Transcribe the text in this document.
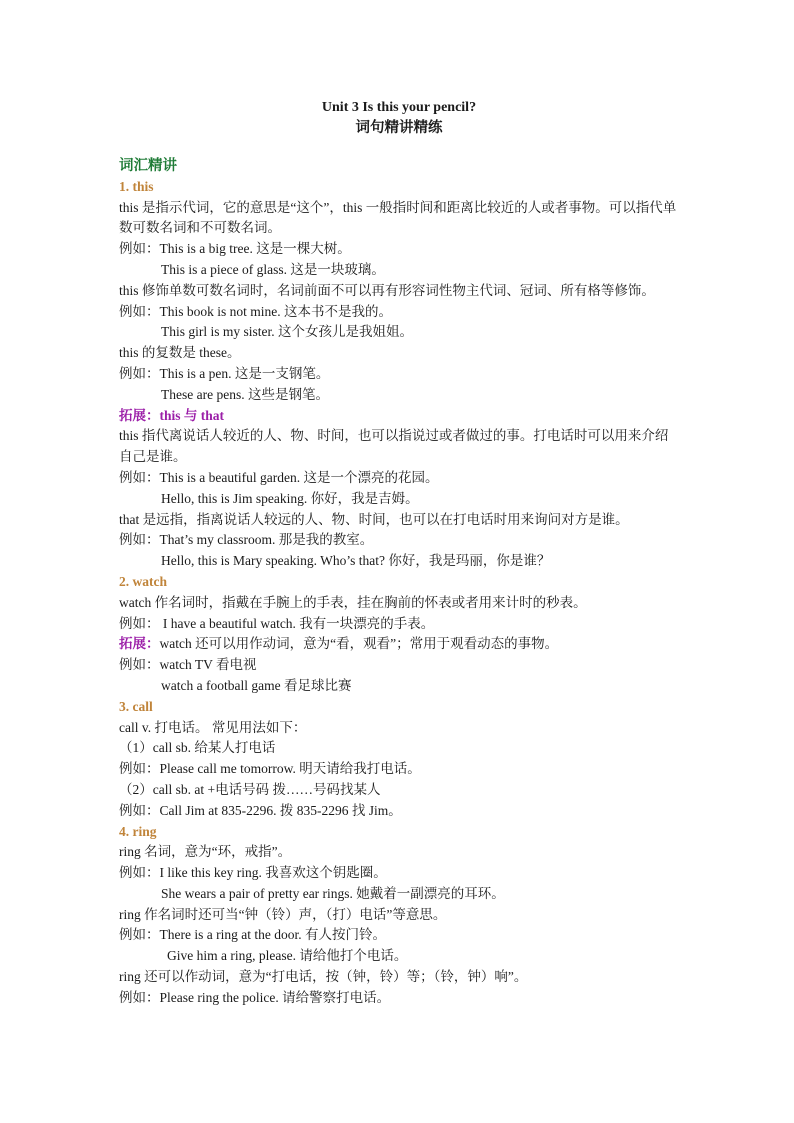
Unit 3 Is this your pencil?
词句精讲精练
词汇精讲
1. this
this 是指示代词，它的意思是“这个”，this 一般指时间和距离比较近的人或者事物。可以指代单数可数名词和不可数名词。
例如：This is a big tree. 这是一棵大树。
This is a piece of glass. 这是一块玻璃。
this 修饰单数可数名词时，名词前面不可以再有形容词性物主代词、冠词、所有格等修饰。
例如：This book is not mine. 这本书不是我的。
This girl is my sister. 这个女孩儿是我姐姐。
this 的复数是 these。
例如：This is a pen. 这是一支钢笔。
These are pens. 这些是钢笔。
拓展：this 与 that
this 指代离说话人较近的人、物、时间，也可以指说过或者做过的事。打电话时可以用来介绍自己是谁。
例如：This is a beautiful garden. 这是一个漂亮的花园。
Hello, this is Jim speaking. 你好，我是吉姆。
that 是远指，指离说话人较远的人、物、时间，也可以在打电话时用来询问对方是谁。
例如：That’s my classroom. 那是我的教室。
Hello, this is Mary speaking. Who’s that? 你好，我是玛丽，你是谁？
2. watch
watch 作名词时，指戴在手腕上的手表，挂在胸前的怀表或者用来计时的秒表。
例如： I have a beautiful watch. 我有一块漂亮的手表。
拓展：watch 还可以用作动词，意为“看，观看”；常用于观看动态的事物。
例如：watch TV 看电视
watch a football game 看足球比赛
3. call
call v. 打电话。 常见用法如下：
（1）call sb. 给某人打电话
例如：Please call me tomorrow. 明天请给我打电话。
（2）call sb. at +电话号码 拨……号码找某人
例如：Call Jim at 835-2296. 拨 835-2296 找 Jim。
4. ring
ring 名词，意为“环，戒指”。
例如：I like this key ring. 我喜欢这个钥匙圈。
She wears a pair of pretty ear rings. 她戴着一副漂亮的耳环。
ring 作名词时还可当“钟（铃）声，（打）电话”等意思。
例如：There is a ring at the door. 有人按门铃。
Give him a ring, please. 请给他打个电话。
ring 还可以作动词，意为“打电话，按（钟，铃）等；（铃，钟）响”。
例如：Please ring the police. 请给警察打电话。
